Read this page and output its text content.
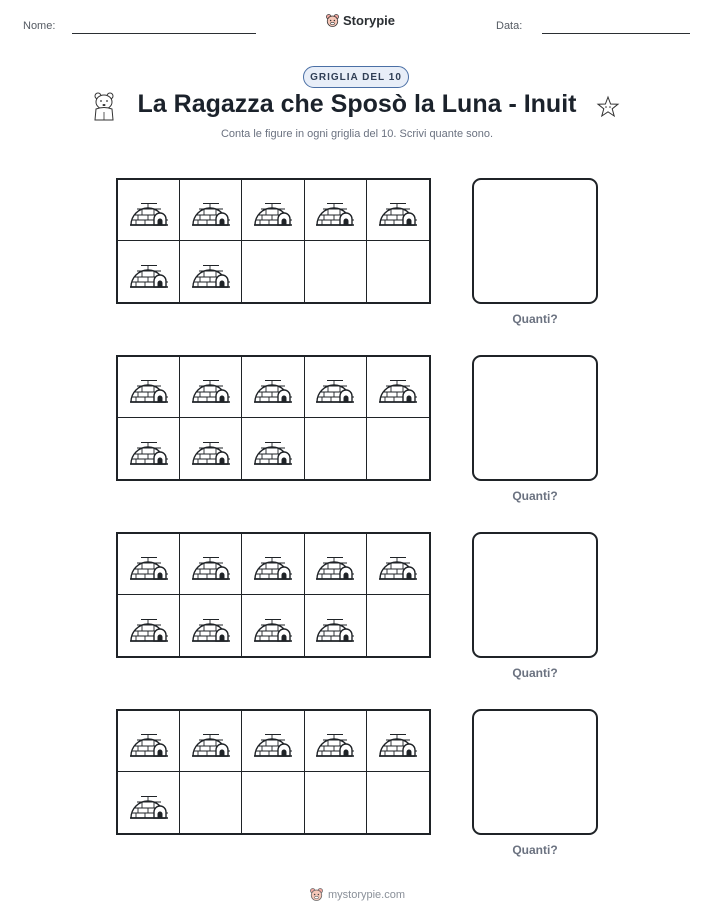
Nome:	Storypie	Data:
GRIGLIA DEL 10
La Ragazza che Sposò la Luna - Inuit
Conta le figure in ogni griglia del 10. Scrivi quante sono.
Quanti?
Quanti?
Quanti?
Quanti?
mystorypie.com
